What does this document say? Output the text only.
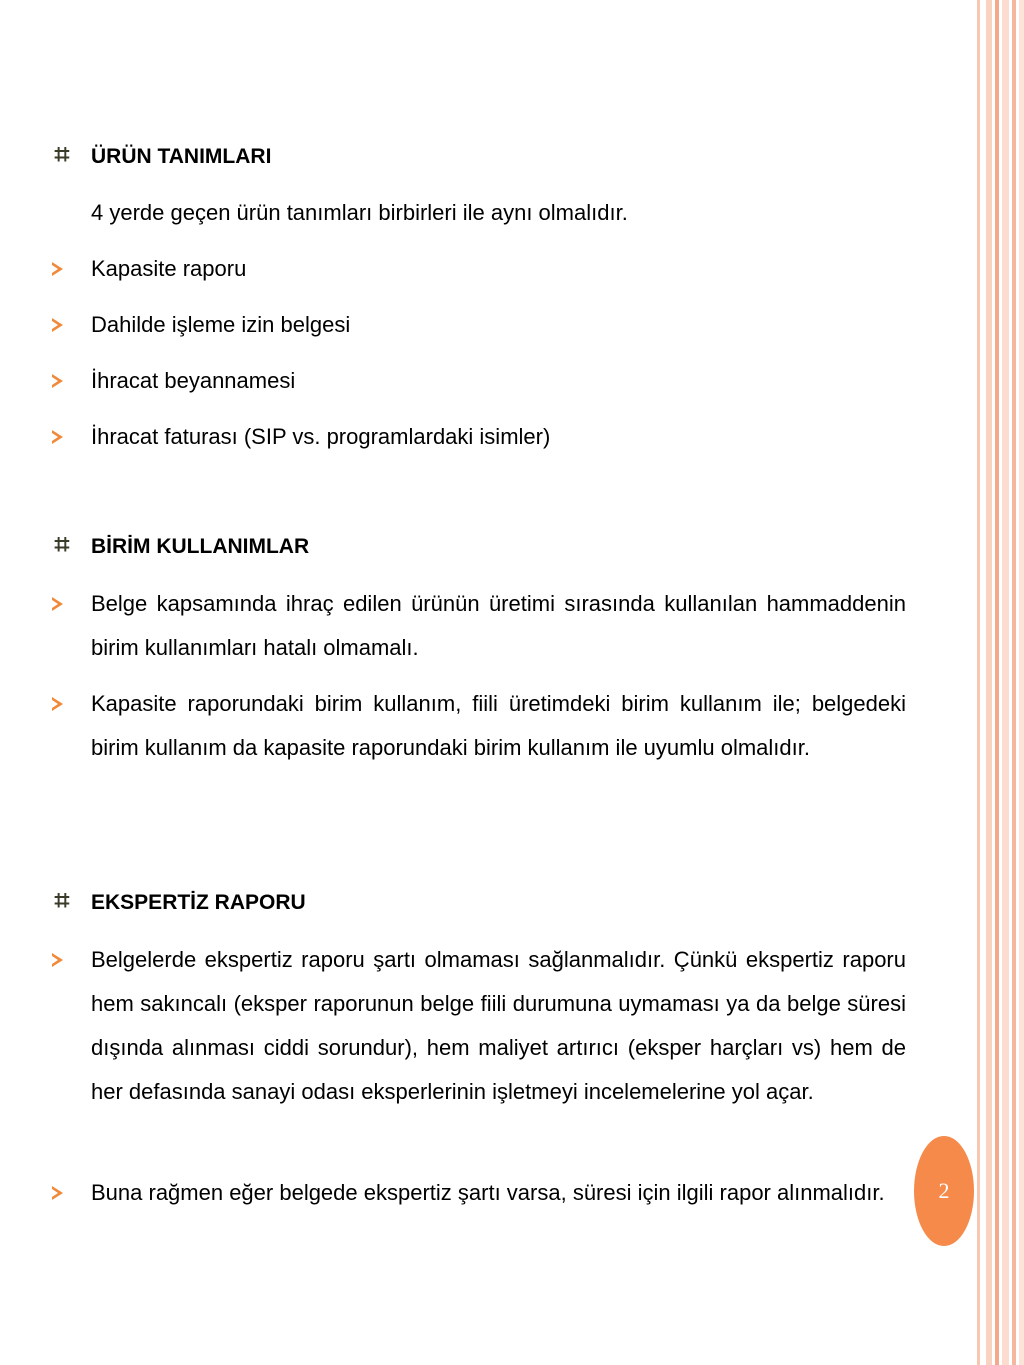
⌗ ÜRÜN TANIMLARI
4 yerde geçen ürün tanımları birbirleri ile aynı olmalıdır.
Kapasite raporu
Dahilde işleme izin belgesi
İhracat beyannamesi
İhracat faturası (SIP vs. programlardaki isimler)
⌗ BİRİM KULLANIMLAR
Belge kapsamında ihraç edilen ürünün üretimi sırasında kullanılan hammaddenin birim kullanımları hatalı olmamalı.
Kapasite raporundaki birim kullanım, fiili üretimdeki birim kullanım ile; belgedeki birim kullanım da kapasite raporundaki birim kullanım ile uyumlu olmalıdır.
⌗ EKSPERTİZ RAPORU
Belgelerde ekspertiz raporu şartı olmaması sağlanmalıdır. Çünkü ekspertiz raporu hem sakıncalı (eksper raporunun belge fiili durumuna uymaması ya da belge süresi dışında alınması ciddi sorundur), hem maliyet artırıcı (eksper harçları vs) hem de her defasında sanayi odası eksperlerinin işletmeyi incelemelerine yol açar.
Buna rağmen eğer belgede ekspertiz şartı varsa, süresi için ilgili rapor alınmalıdır.	2
